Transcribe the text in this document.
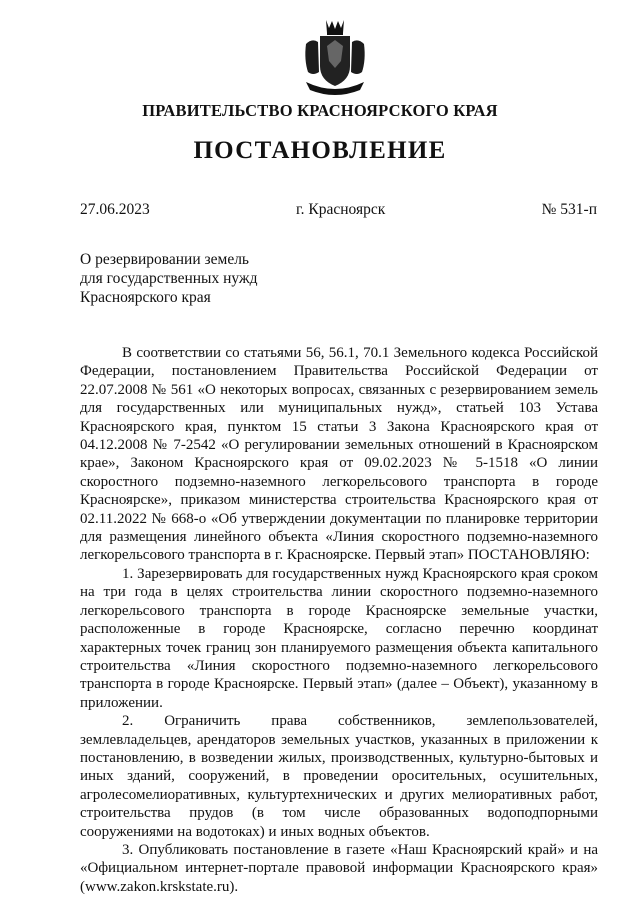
ПРАВИТЕЛЬСТВО КРАСНОЯРСКОГО КРАЯ
ПОСТАНОВЛЕНИЕ
27.06.2023	г. Красноярск	№ 531-п
О резервировании земель
для государственных нужд
Красноярского края

В соответствии со статьями 56, 56.1, 70.1 Земельного кодекса Российской Федерации, постановлением Правительства Российской Федерации от 22.07.2008 № 561 «О некоторых вопросах, связанных с резервированием земель для государственных или муниципальных нужд», статьей 103 Устава Красноярского края, пунктом 15 статьи 3 Закона Красноярского края от 04.12.2008 № 7-2542 «О регулировании земельных отношений в Красноярском крае», Законом Красноярского края от 09.02.2023 № 5-1518 «О линии скоростного подземно-наземного легкорельсового транспорта в городе Красноярске», приказом министерства строительства Красноярского края от 02.11.2022 № 668-о «Об утверждении документации по планировке территории для размещения линейного объекта «Линия скоростного подземно-наземного легкорельсового транспорта в г. Красноярске. Первый этап» ПОСТАНОВЛЯЮ:

1. Зарезервировать для государственных нужд Красноярского края сроком на три года в целях строительства линии скоростного подземно-наземного легкорельсового транспорта в городе Красноярске земельные участки, расположенные в городе Красноярске, согласно перечню координат характерных точек границ зон планируемого размещения объекта капитального строительства «Линия скоростного подземно-наземного легкорельсового транспорта в городе Красноярске. Первый этап» (далее – Объект), указанному в приложении.

2. Ограничить права собственников, землепользователей, землевладельцев, арендаторов земельных участков, указанных в приложении к постановлению, в возведении жилых, производственных, культурно-бытовых и иных зданий, сооружений, в проведении оросительных, осушительных, агролесомелиоративных, культуртехнических и других мелиоративных работ, строительства прудов (в том числе образованных водоподпорными сооружениями на водотоках) и иных водных объектов.

3. Опубликовать постановление в газете «Наш Красноярский край» и на «Официальном интернет-портале правовой информации Красноярского края» (www.zakon.krskstate.ru).
